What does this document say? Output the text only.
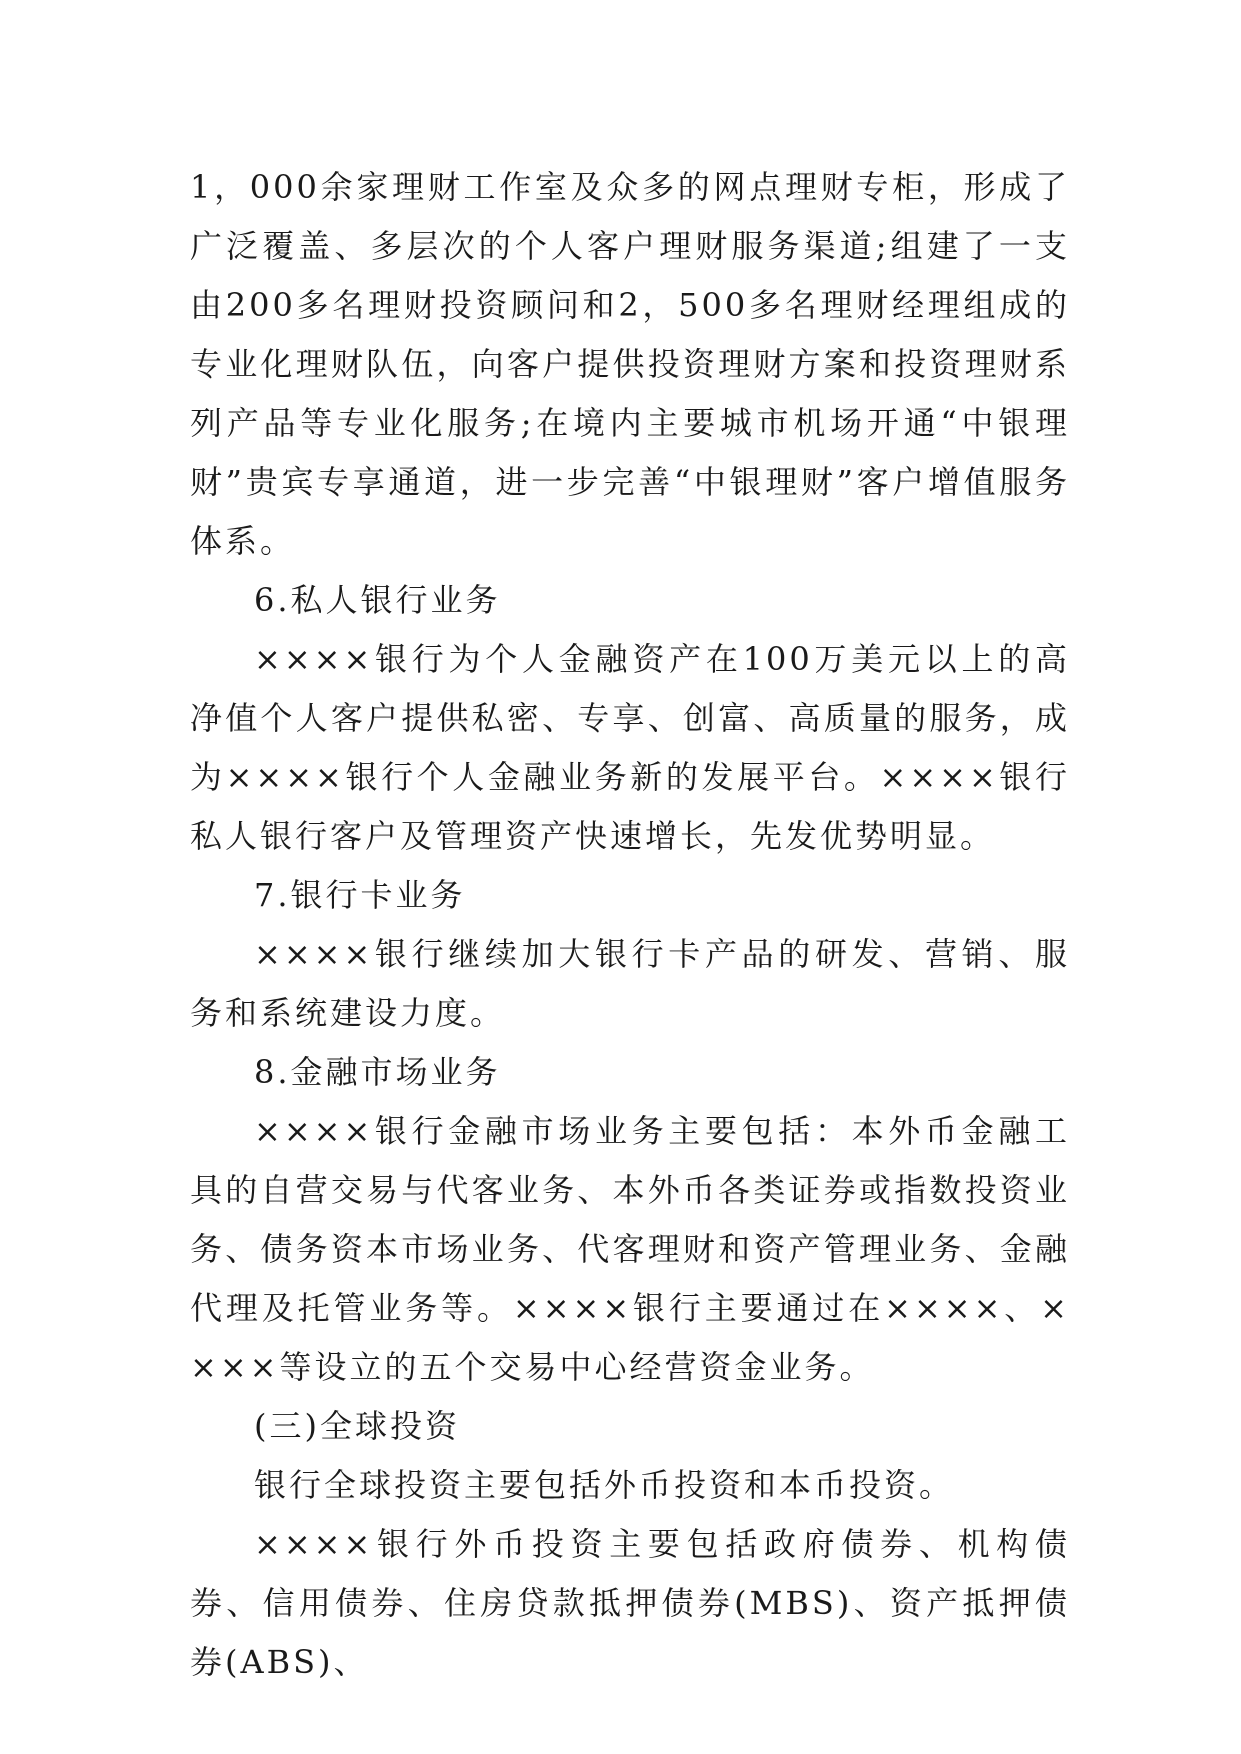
1，000余家理财工作室及众多的网点理财专柜，形成了广泛覆盖、多层次的个人客户理财服务渠道;组建了一支由200多名理财投资顾问和2，500多名理财经理组成的专业化理财队伍，向客户提供投资理财方案和投资理财系列产品等专业化服务;在境内主要城市机场开通“中银理财”贵宾专享通道，进一步完善“中银理财”客户增值服务体系。

6.私人银行业务

××××银行为个人金融资产在100万美元以上的高净值个人客户提供私密、专享、创富、高质量的服务，成为××××银行个人金融业务新的发展平台。××××银行私人银行客户及管理资产快速增长，先发优势明显。

7.银行卡业务

××××银行继续加大银行卡产品的研发、营销、服务和系统建设力度。

8.金融市场业务

××××银行金融市场业务主要包括：本外币金融工具的自营交易与代客业务、本外币各类证券或指数投资业务、债务资本市场业务、代客理财和资产管理业务、金融代理及托管业务等。××××银行主要通过在××××、××××等设立的五个交易中心经营资金业务。

(三)全球投资

银行全球投资主要包括外币投资和本币投资。

××××银行外币投资主要包括政府债券、机构债券、信用债券、住房贷款抵押债券(MBS)、资产抵押债券(ABS)、
